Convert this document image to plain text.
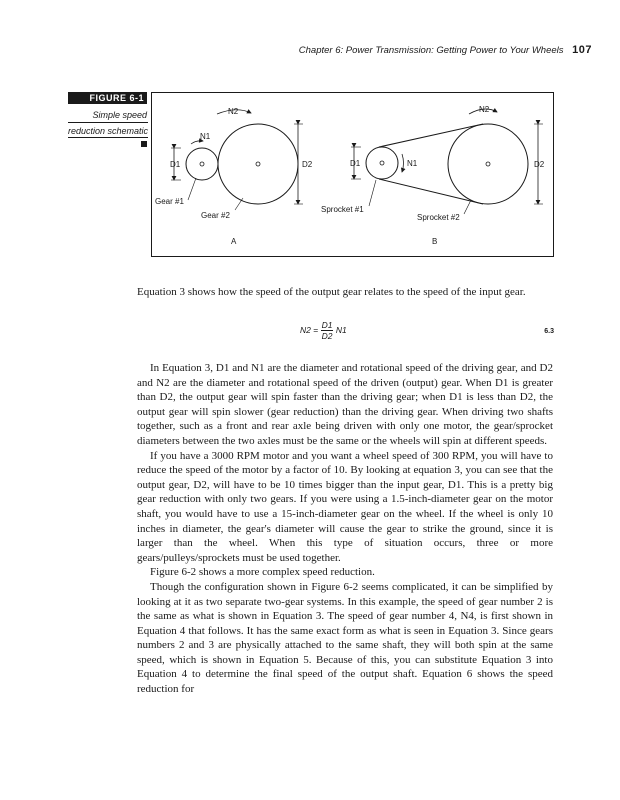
Chapter 6: Power Transmission: Getting Power to Your Wheels 107
FIGURE 6-1
Simple speed
reduction schematic
N2
N1
D1	D2
Gear #1
Gear #2
A
N2
N1
D1	D2
Sprocket #1
Sprocket #2
B

Equation 3 shows how the speed of the output gear relates to the speed of the input gear.

$N2 = \frac{D1}{D2} N1$	6.3

In Equation 3, D1 and N1 are the diameter and rotational speed of the driving gear, and D2 and N2 are the diameter and rotational speed of the driven (output) gear. When D1 is greater than D2, the output gear will spin faster than the driving gear; when D1 is less than D2, the output gear will spin slower (gear reduction) than the driving gear. When driving two shafts together, such as a front and rear axle being driven with only one motor, the gear/sprocket diameters between the two axles must be the same or the wheels will spin at different speeds.

If you have a 3000 RPM motor and you want a wheel speed of 300 RPM, you will have to reduce the speed of the motor by a factor of 10. By looking at equation 3, you can see that the output gear, D2, will have to be 10 times bigger than the input gear, D1. This is a pretty big gear reduction with only two gears. If you were using a 1.5-inch-diameter gear on the motor shaft, you would have to use a 15-inch-diameter gear on the wheel. If the wheel is only 10 inches in diameter, the gear's diameter will cause the gear to strike the ground, since it is larger than the wheel. When this type of situation occurs, three or more gears/pulleys/sprockets must be used together.

Figure 6-2 shows a more complex speed reduction.

Though the configuration shown in Figure 6-2 seems complicated, it can be simplified by looking at it as two separate two-gear systems. In this example, the speed of gear number 2 is the same as what is shown in Equation 3. The speed of gear number 4, N4, is first shown in Equation 4 that follows. It has the same exact form as what is seen in Equation 3. Since gears numbers 2 and 3 are physically attached to the same shaft, they will both spin at the same speed, which is shown in Equation 5. Because of this, you can substitute Equation 3 into Equation 4 to determine the final speed of the output shaft. Equation 6 shows the speed reduction for
